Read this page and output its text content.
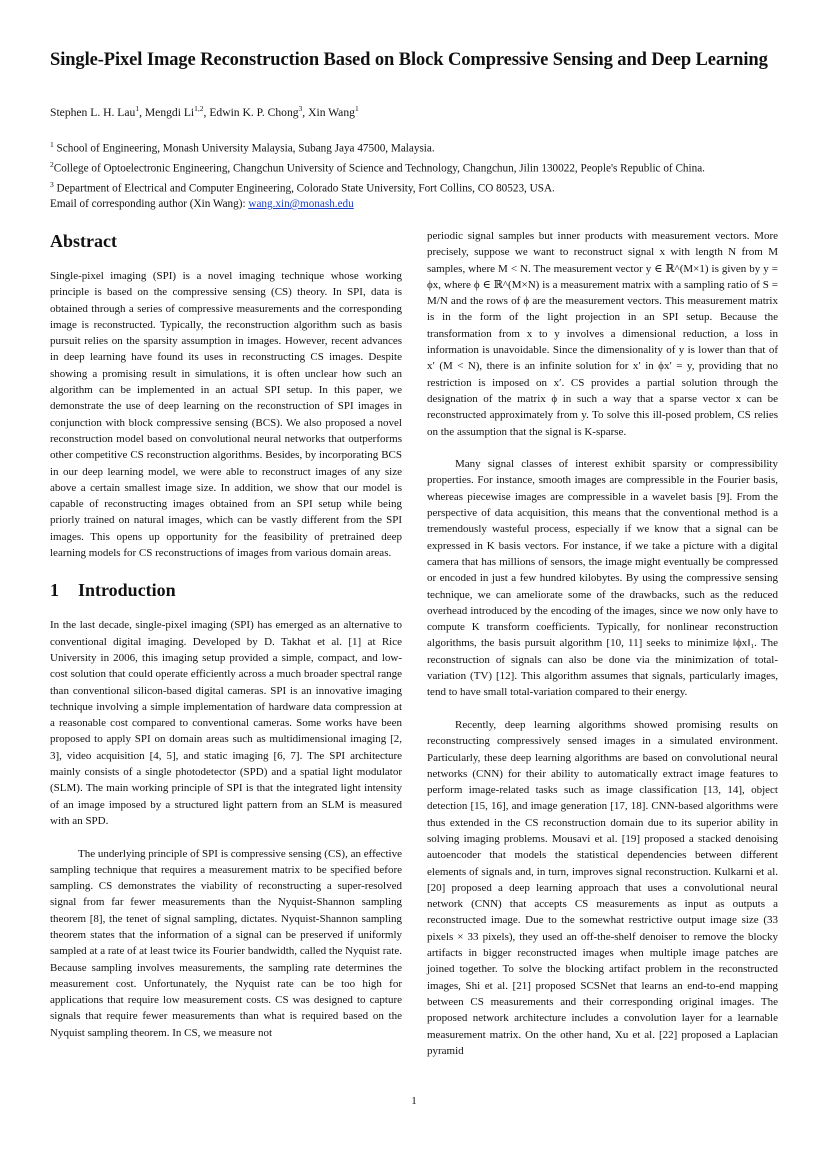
Single-Pixel Image Reconstruction Based on Block Compressive Sensing and Deep Learning

Stephen L. H. Lau$^1$, Mengdi Li$^{1,2}$, Edwin K. P. Chong$^3$, Xin Wang$^1$

$^1$ School of Engineering, Monash University Malaysia, Subang Jaya 47500, Malaysia.
$^2$College of Optoelectronic Engineering, Changchun University of Science and Technology, Changchun, Jilin 130022, People's Republic of China.
$^3$ Department of Electrical and Computer Engineering, Colorado State University, Fort Collins, CO 80523, USA.

Email of corresponding author (Xin Wang): wang.xin@monash.edu

Abstract

Single-pixel imaging (SPI) is a novel imaging technique whose working principle is based on the compressive sensing (CS) theory. In SPI, data is obtained through a series of compressive measurements and the corresponding image is reconstructed. Typically, the reconstruction algorithm such as basis pursuit relies on the sparsity assumption in images. However, recent advances in deep learning have found its uses in reconstructing CS images. Despite showing a promising result in simulations, it is often unclear how such an algorithm can be implemented in an actual SPI setup. In this paper, we demonstrate the use of deep learning on the reconstruction of SPI images in conjunction with block compressive sensing (BCS). We also proposed a novel reconstruction model based on convolutional neural networks that outperforms other competitive CS reconstruction algorithms. Besides, by incorporating BCS in our deep learning model, we were able to reconstruct images of any size above a certain smallest image size. In addition, we show that our model is capable of reconstructing images obtained from an SPI setup while being priorly trained on natural images, which can be vastly different from the SPI images. This opens up opportunity for the feasibility of pretrained deep learning models for CS reconstructions of images from various domain areas.

1 Introduction

In the last decade, single-pixel imaging (SPI) has emerged as an alternative to conventional digital imaging. Developed by D. Takhat et al. [1] at Rice University in 2006, this imaging setup provided a simple, compact, and low-cost solution that could operate efficiently across a much broader spectral range than conventional silicon-based digital cameras. SPI is an innovative imaging technique involving a simple implementation of hardware data compression at a reasonable cost compared to conventional cameras. Some works have been proposed to apply SPI on domain areas such as multidimensional imaging [2, 3], video acquisition [4, 5], and static imaging [6, 7]. The SPI architecture mainly consists of a single photodetector (SPD) and a spatial light modulator (SLM). The main working principle of SPI is that the integrated light intensity of an image imposed by a structured light pattern from an SLM is measured with an SPD.

The underlying principle of SPI is compressive sensing (CS), an effective sampling technique that requires a measurement matrix to be specified before sampling. CS demonstrates the viability of reconstructing a super-resolved signal from far fewer measurements than the Nyquist-Shannon sampling theorem [8], the tenet of signal sampling, dictates. Nyquist-Shannon sampling theorem states that the information of a signal can be preserved if uniformly sampled at a rate of at least twice its Fourier bandwidth, called the Nyquist rate. Because sampling involves measurements, the sampling rate determines the measurement cost. Unfortunately, the Nyquist rate can be too high for applications that require low measurement costs. CS was designed to capture signals that require fewer measurements than what is required based on the Nyquist sampling theorem. In CS, we measure not

periodic signal samples but inner products with measurement vectors. More precisely, suppose we want to reconstruct signal x with length N from M samples, where M < N. The measurement vector y ∈ ℝ^(M×1) is given by y = ϕx, where ϕ ∈ ℝ^(M×N) is a measurement matrix with a sampling ratio of S = M/N and the rows of ϕ are the measurement vectors. This measurement matrix is in the form of the light projection in an SPI setup. Because the transformation from x to y involves a dimensional reduction, a loss in information is unavoidable. Since the dimensionality of y is lower than that of x′ (M < N), there is an infinite solution for x′ in ϕx′ = y, providing that no restriction is imposed on x′. CS provides a partial solution through the designation of the matrix ϕ in such a way that a sparse vector x can be reconstructed approximately from y. To solve this ill-posed problem, CS relies on the assumption that the signal is K-sparse.

Many signal classes of interest exhibit sparsity or compressibility properties. For instance, smooth images are compressible in the Fourier basis, whereas piecewise images are compressible in a wavelet basis [9]. From the perspective of data acquisition, this means that the conventional method is a tremendously wasteful process, especially if we know that a signal can be expressed in K basis vectors. For instance, if we take a picture with a digital camera that has millions of sensors, the image might eventually be compressed or encoded in just a few hundred kilobytes. By using the compressive sensing technique, we can ameliorate some of the drawbacks, such as the reduced overhead introduced by the encoding of the images, since we now only have to compute K transform coefficients. Typically, for nonlinear reconstruction algorithms, the basis pursuit algorithm [10, 11] seeks to minimize ‖ϕx‖₁. The reconstruction of signals can also be done via the minimization of total-variation (TV) [12]. This algorithm assumes that signals, particularly images, tend to have small total-variation compared to their energy.

Recently, deep learning algorithms showed promising results on reconstructing compressively sensed images in a simulated environment. Particularly, these deep learning algorithms are based on convolutional neural networks (CNN) for their ability to automatically extract image features to perform image-related tasks such as image classification [13, 14], object detection [15, 16], and image generation [17, 18]. CNN-based algorithms were thus extended in the CS reconstruction domain due to its superior ability in solving imaging problems. Mousavi et al. [19] proposed a stacked denoising autoencoder that models the statistical dependencies between different elements of signals and, in turn, improves signal reconstruction. Kulkarni et al. [20] proposed a deep learning approach that uses a convolutional neural network (CNN) that accepts CS measurements as input as outputs a reconstructed image. Due to the somewhat restrictive output image size (33 pixels × 33 pixels), they used an off-the-shelf denoiser to remove the blocky artifacts in bigger reconstructed images when multiple image patches are joined together. To solve the blocking artifact problem in the reconstructed images, Shi et al. [21] proposed SCSNet that learns an end-to-end mapping between CS measurements and their corresponding original images. The proposed network architecture includes a convolution layer for a learnable measurement matrix. On the other hand, Xu et al. [22] proposed a Laplacian pyramid

1
